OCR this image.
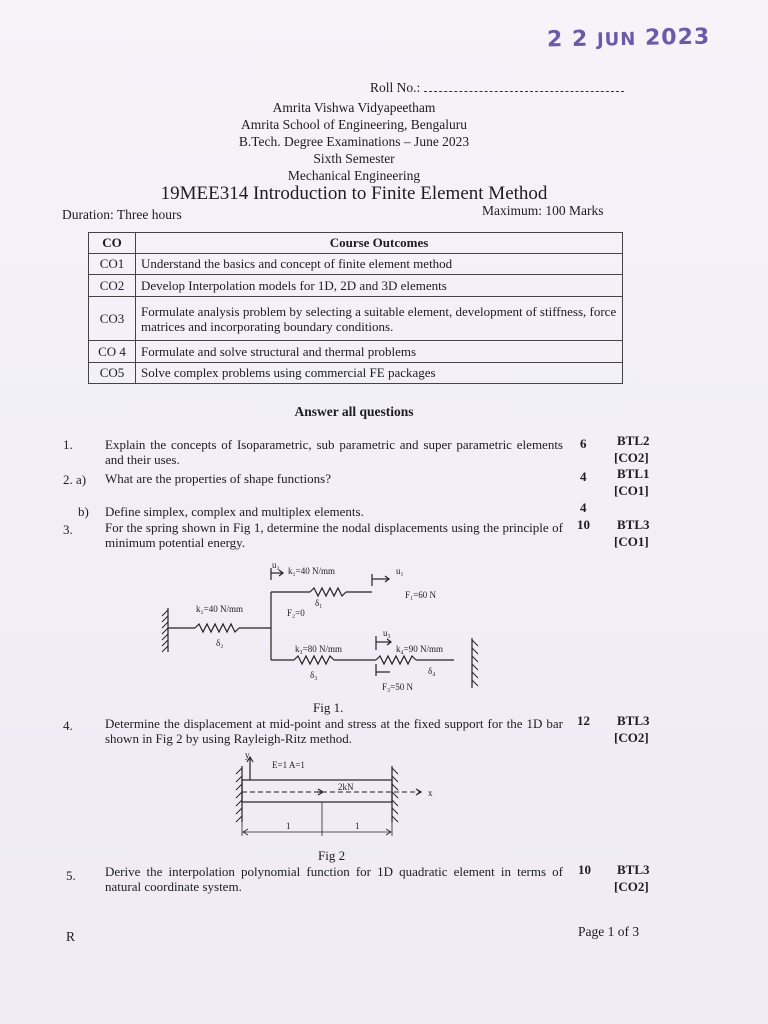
2 2 JUN 2023
Roll No.:
Amrita Vishwa Vidyapeetham
Amrita School of Engineering, Bengaluru
B.Tech. Degree Examinations – June 2023
Sixth Semester
Mechanical Engineering
19MEE314 Introduction to Finite Element Method
Duration: Three hours	Maximum: 100 Marks
CO	Course Outcomes
CO1	Understand the basics and concept of finite element method
CO2	Develop Interpolation models for 1D, 2D and 3D elements
CO3	Formulate analysis problem by selecting a suitable element, development of stiffness, force matrices and incorporating boundary conditions.
CO 4	Formulate and solve structural and thermal problems
CO5	Solve complex problems using commercial FE packages
Answer all questions
1. Explain the concepts of Isoparametric, sub parametric and super parametric elements and their uses.
6 BTL2
[CO2]
2. a) What are the properties of shape functions?	4 BTL1
[CO1]
b) Define simplex, complex and multiplex elements.	4
3. For the spring shown in Fig 1, determine the nodal displacements using the principle of minimum potential energy.
10 BTL3
[CO1]
k₁=40 N/mm
u₂
u₁
δ₁
F₁=60 N
k₂=40 N/mm	F₂=0
δ₂
k₃=80 N/mm
u₃
k₄=90 N/mm
δ₃	δ₄
F₃=50 N
Fig 1.
4. Determine the displacement at mid-point and stress at the fixed support for the 1D bar shown in Fig 2 by using Rayleigh-Ritz method.
12 BTL3
[CO2]
y
E=1 A=1
2kN
x
1	1
Fig 2
5. Derive the interpolation polynomial function for 1D quadratic element in terms of natural coordinate system.
10 BTL3
[CO2]
R	Page 1 of 3
